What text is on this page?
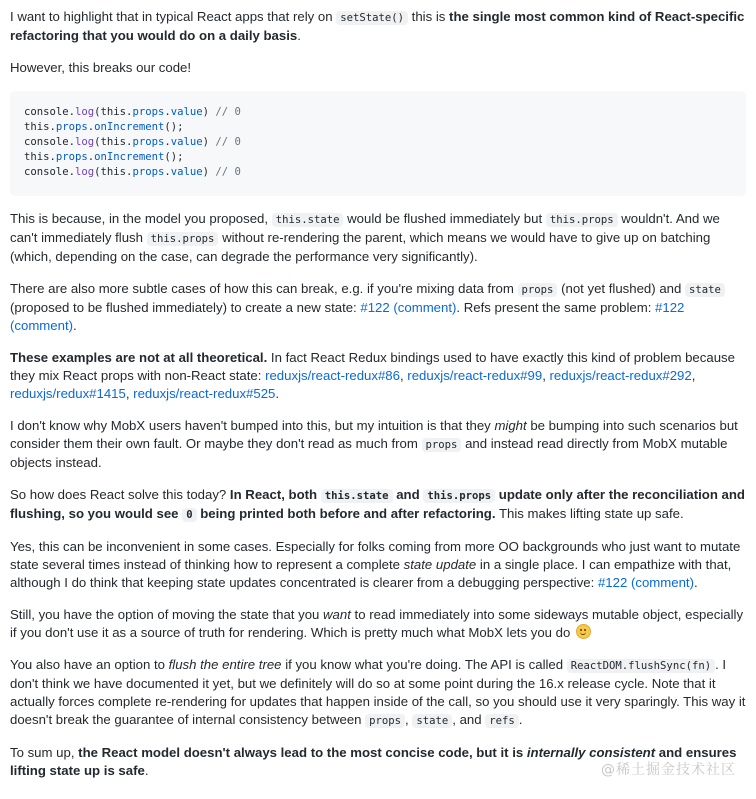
I want to highlight that in typical React apps that rely on setState() this is the single most common kind of React-specific refactoring that you would do on a daily basis.

However, this breaks our code!

console.log(this.props.value) // 0
this.props.onIncrement();
console.log(this.props.value) // 0
this.props.onIncrement();
console.log(this.props.value) // 0

This is because, in the model you proposed, this.state would be flushed immediately but this.props wouldn't. And we can't immediately flush this.props without re-rendering the parent, which means we would have to give up on batching (which, depending on the case, can degrade the performance very significantly).

There are also more subtle cases of how this can break, e.g. if you're mixing data from props (not yet flushed) and state (proposed to be flushed immediately) to create a new state: #122 (comment). Refs present the same problem: #122 (comment).

These examples are not at all theoretical. In fact React Redux bindings used to have exactly this kind of problem because they mix React props with non-React state: reduxjs/react-redux#86, reduxjs/react-redux#99, reduxjs/react-redux#292, reduxjs/redux#1415, reduxjs/react-redux#525.

I don't know why MobX users haven't bumped into this, but my intuition is that they might be bumping into such scenarios but consider them their own fault. Or maybe they don't read as much from props and instead read directly from MobX mutable objects instead.

So how does React solve this today? In React, both this.state and this.props update only after the reconciliation and flushing, so you would see 0 being printed both before and after refactoring. This makes lifting state up safe.

Yes, this can be inconvenient in some cases. Especially for folks coming from more OO backgrounds who just want to mutate state several times instead of thinking how to represent a complete state update in a single place. I can empathize with that, although I do think that keeping state updates concentrated is clearer from a debugging perspective: #122 (comment).

Still, you have the option of moving the state that you want to read immediately into some sideways mutable object, especially if you don't use it as a source of truth for rendering. Which is pretty much what MobX lets you do

You also have an option to flush the entire tree if you know what you're doing. The API is called ReactDOM.flushSync(fn) . I don't think we have documented it yet, but we definitely will do so at some point during the 16.x release cycle. Note that it actually forces complete re-rendering for updates that happen inside of the call, so you should use it very sparingly. This way it doesn't break the guarantee of internal consistency between props , state , and refs .

To sum up, the React model doesn't always lead to the most concise code, but it is internally consistent and ensures lifting state up is safe.	@稀土掘金技术社区
